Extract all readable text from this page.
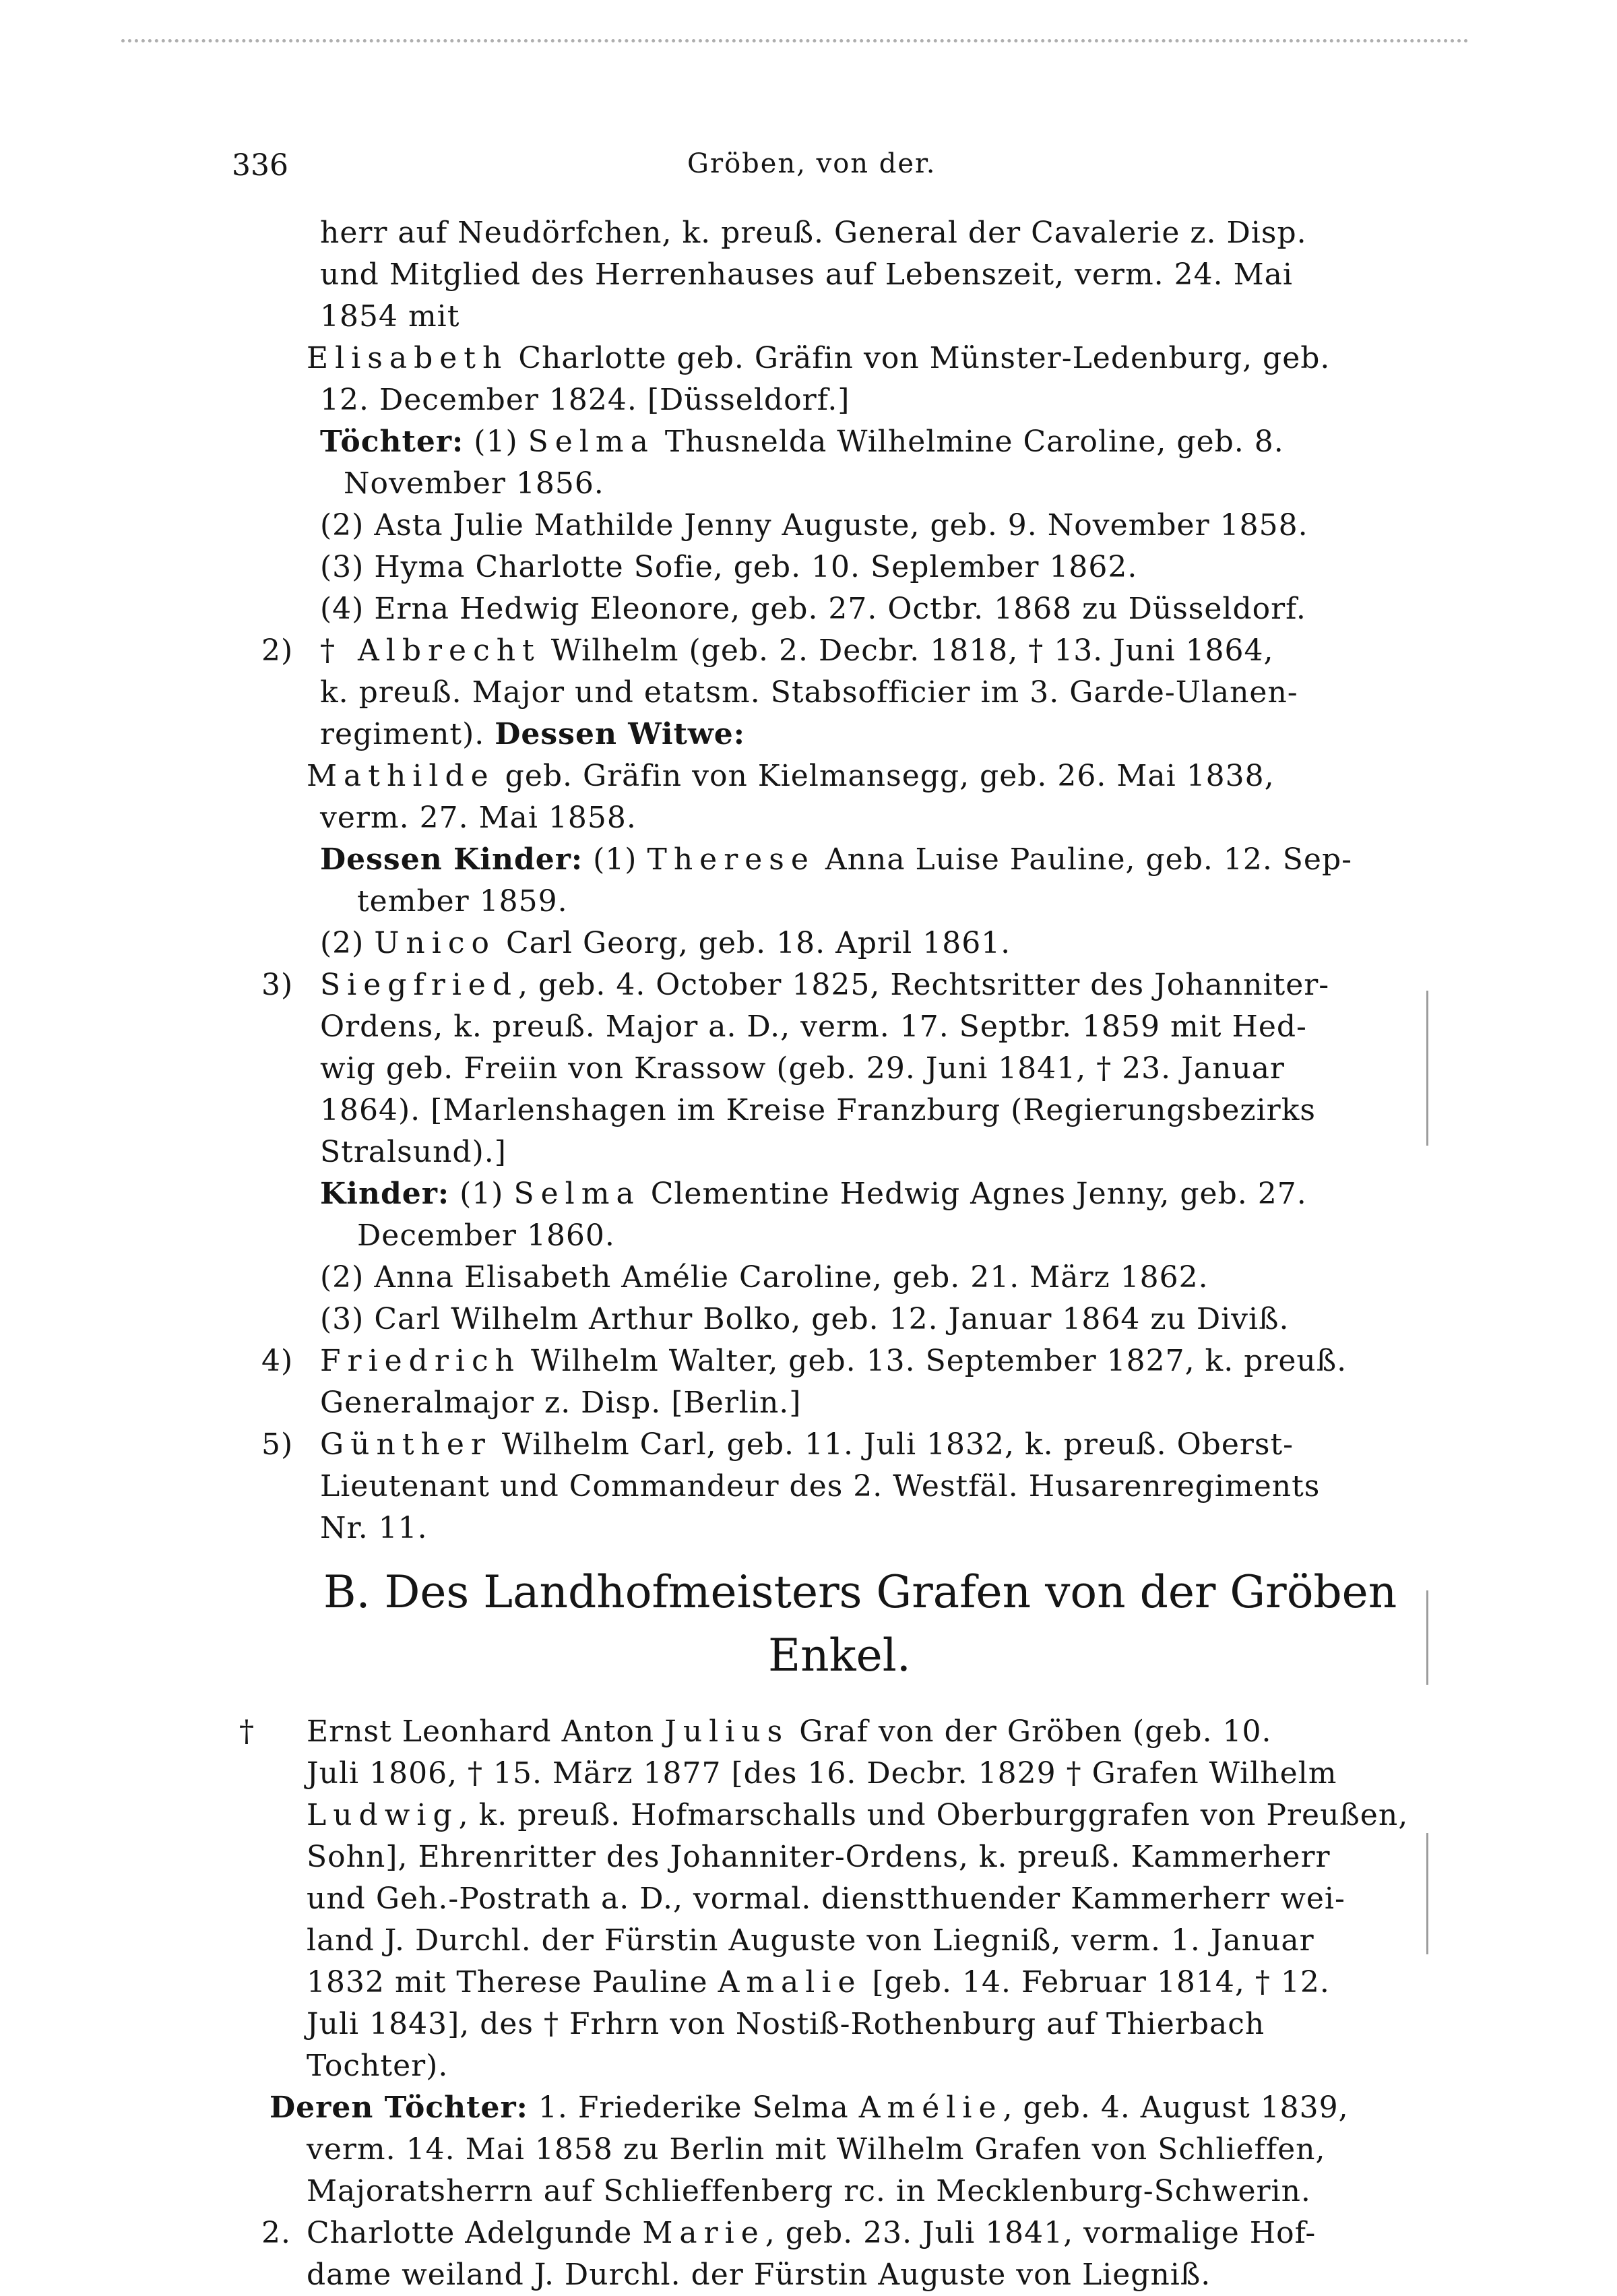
336	Gröben, von der.
herr auf Neudörfchen, k. preuß. General der Cavalerie z. Disp.
und Mitglied des Herrenhauses auf Lebenszeit, verm. 24. Mai
1854 mit
Elisabeth Charlotte geb. Gräfin von Münster-Ledenburg, geb.
12. December 1824. [Düsseldorf.]
Töchter: (1) Selma Thusnelda Wilhelmine Caroline, geb. 8.
November 1856.
(2) Asta Julie Mathilde Jenny Auguste, geb. 9. November 1858.
(3) Hyma Charlotte Sofie, geb. 10. Seplember 1862.
(4) Erna Hedwig Eleonore, geb. 27. Octbr. 1868 zu Düsseldorf.
2) † Albrecht Wilhelm (geb. 2. Decbr. 1818, † 13. Juni 1864,
k. preuß. Major und etatsm. Stabsofficier im 3. Garde-Ulanen-
regiment). Dessen Witwe:
Mathilde geb. Gräfin von Kielmansegg, geb. 26. Mai 1838,
verm. 27. Mai 1858.
Dessen Kinder: (1) Therese Anna Luise Pauline, geb. 12. Sep-
tember 1859.
(2) Unico Carl Georg, geb. 18. April 1861.
3) Siegfried, geb. 4. October 1825, Rechtsritter des Johanniter-
Ordens, k. preuß. Major a. D., verm. 17. Septbr. 1859 mit Hed-
wig geb. Freiin von Krassow (geb. 29. Juni 1841, † 23. Januar
1864). [Marlenshagen im Kreise Franzburg (Regierungsbezirks
Stralsund).]
Kinder: (1) Selma Clementine Hedwig Agnes Jenny, geb. 27.
December 1860.
(2) Anna Elisabeth Amélie Caroline, geb. 21. März 1862.
(3) Carl Wilhelm Arthur Bolko, geb. 12. Januar 1864 zu Diviß.
4) Friedrich Wilhelm Walter, geb. 13. September 1827, k. preuß.
Generalmajor z. Disp. [Berlin.]
5) Günther Wilhelm Carl, geb. 11. Juli 1832, k. preuß. Oberst-
Lieutenant und Commandeur des 2. Westfäl. Husarenregiments
Nr. 11.
B. Des Landhofmeisters Grafen von der Gröben
Enkel.
† Ernst Leonhard Anton Julius Graf von der Gröben (geb. 10.
Juli 1806, † 15. März 1877 [des 16. Decbr. 1829 † Grafen Wilhelm
Ludwig, k. preuß. Hofmarschalls und Oberburggrafen von Preußen,
Sohn], Ehrenritter des Johanniter-Ordens, k. preuß. Kammerherr
und Geh.-Postrath a. D., vormal. dienstthuender Kammerherr wei-
land J. Durchl. der Fürstin Auguste von Liegniß, verm. 1. Januar
1832 mit Therese Pauline Amalie [geb. 14. Februar 1814, † 12.
Juli 1843], des † Frhrn von Nostiß-Rothenburg auf Thierbach
Tochter).
Deren Töchter: 1. Friederike Selma Amélie, geb. 4. August 1839,
verm. 14. Mai 1858 zu Berlin mit Wilhelm Grafen von Schlieffen,
Majoratsherrn auf Schlieffenberg rc. in Mecklenburg-Schwerin.
2. Charlotte Adelgunde Marie, geb. 23. Juli 1841, vormalige Hof-
dame weiland J. Durchl. der Fürstin Auguste von Liegniß.
